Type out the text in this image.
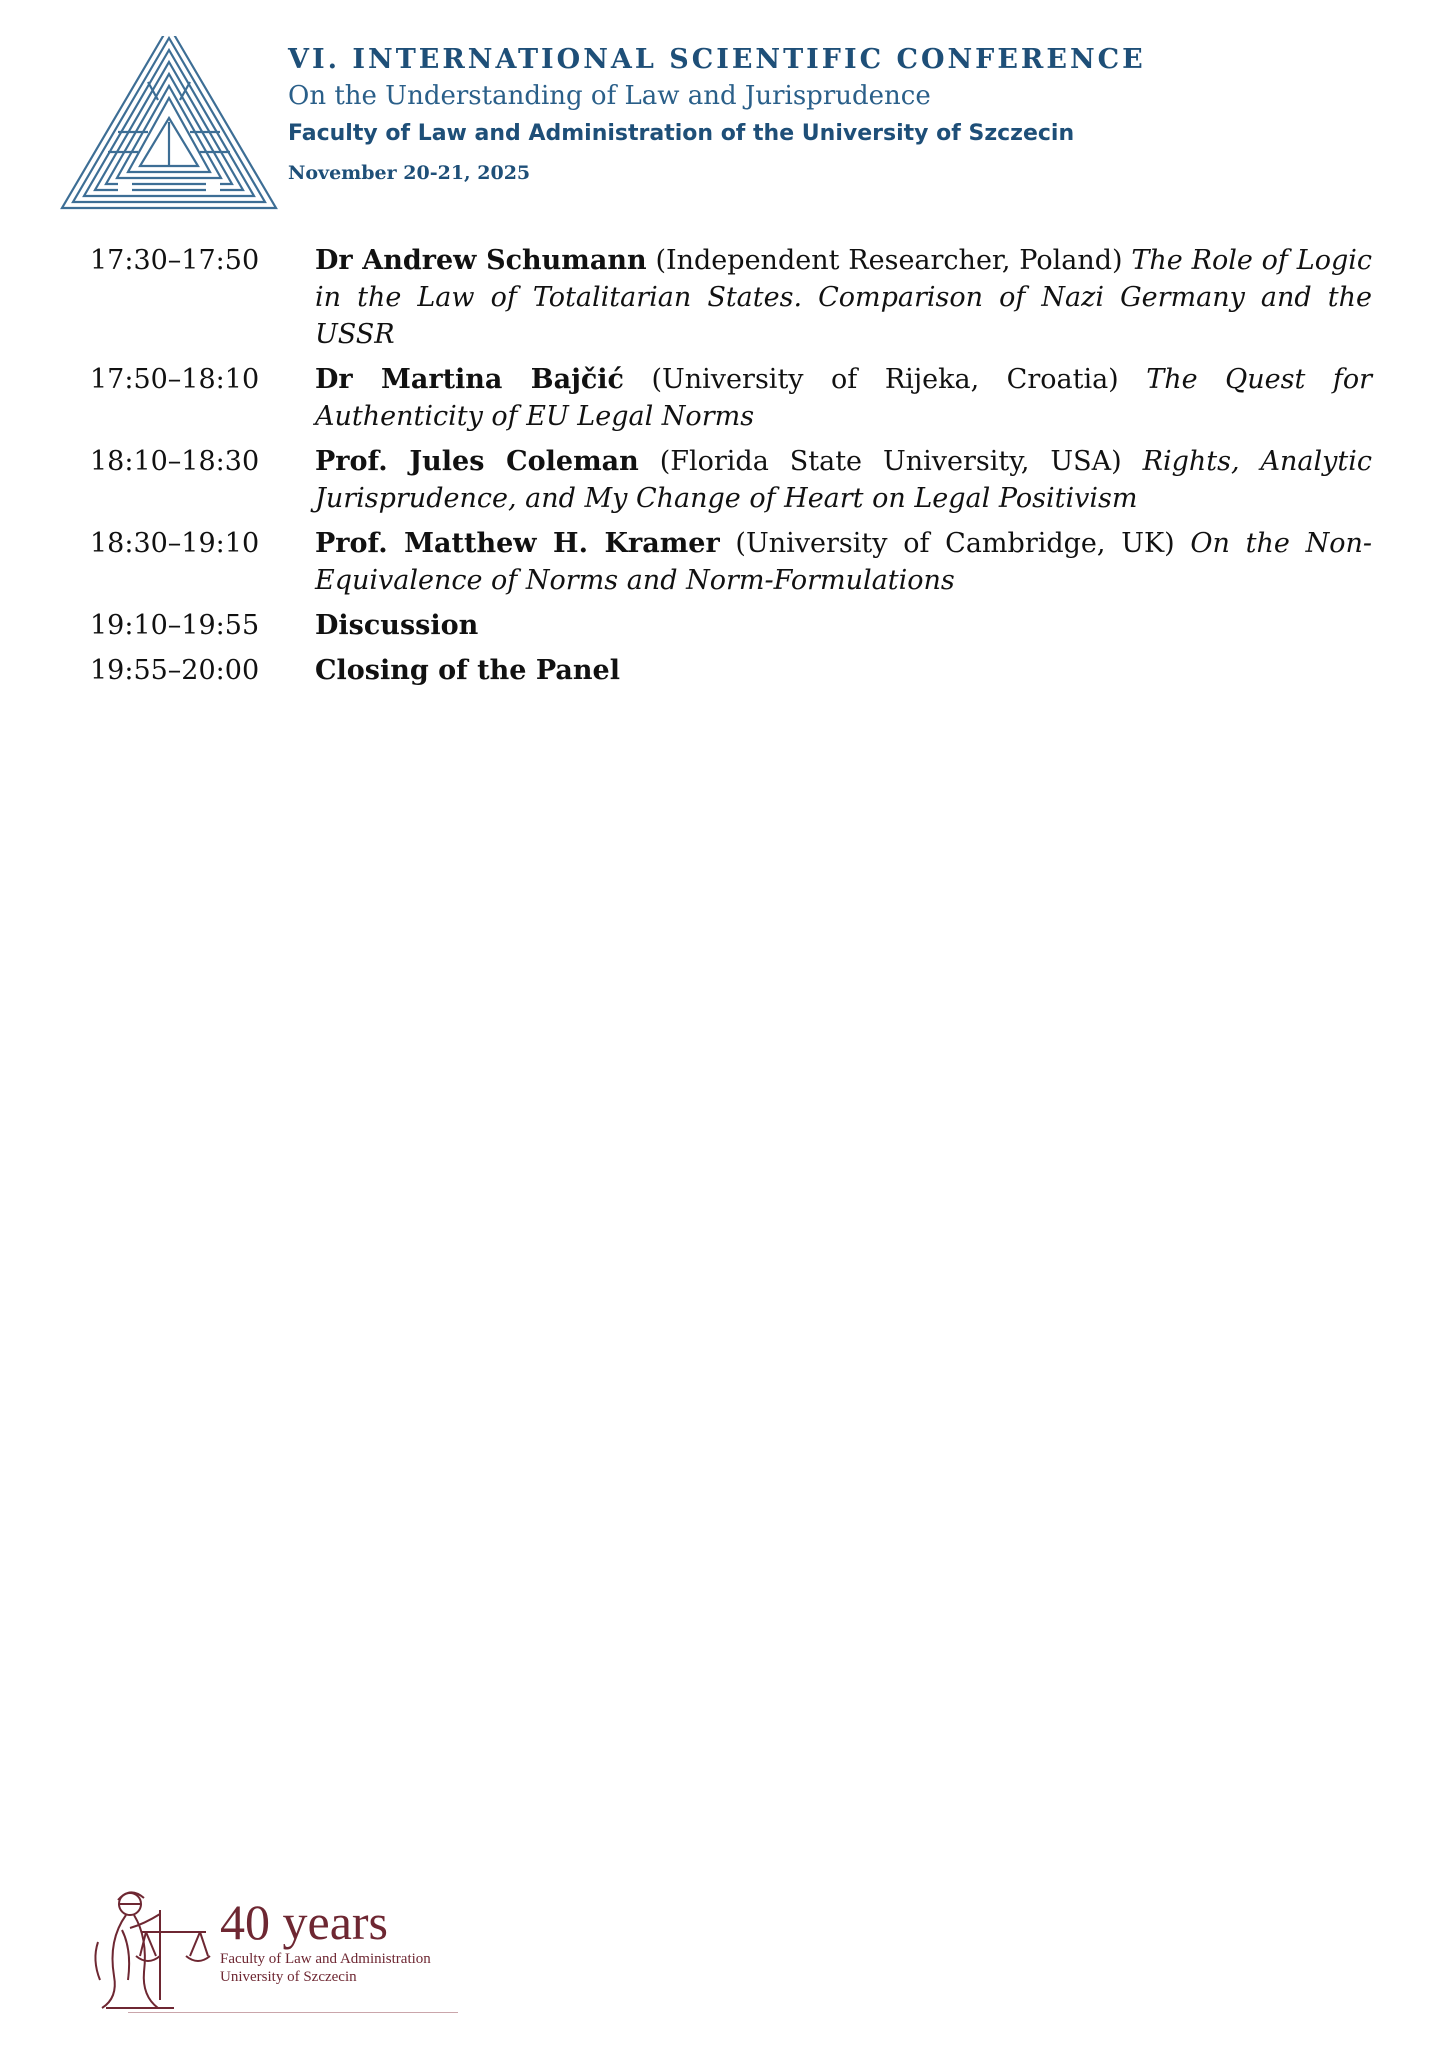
VI. INTERNATIONAL SCIENTIFIC CONFERENCE
On the Understanding of Law and Jurisprudence
Faculty of Law and Administration of the University of Szczecin
November 20-21, 2025
17:30–17:50	Dr Andrew Schumann (Independent Researcher, Poland) The Role of Logic in the Law of Totalitarian States. Comparison of Nazi Germany and the USSR
17:50–18:10	Dr Martina Bajčić (University of Rijeka, Croatia) The Quest for Authenticity of EU Legal Norms
18:10–18:30	Prof. Jules Coleman (Florida State University, USA) Rights, Analytic Jurisprudence, and My Change of Heart on Legal Positivism
18:30–19:10	Prof. Matthew H. Kramer (University of Cambridge, UK) On the Non-Equivalence of Norms and Norm-Formulations
19:10–19:55	Discussion
19:55–20:00	Closing of the Panel
40 years
Faculty of Law and Administration
University of Szczecin
